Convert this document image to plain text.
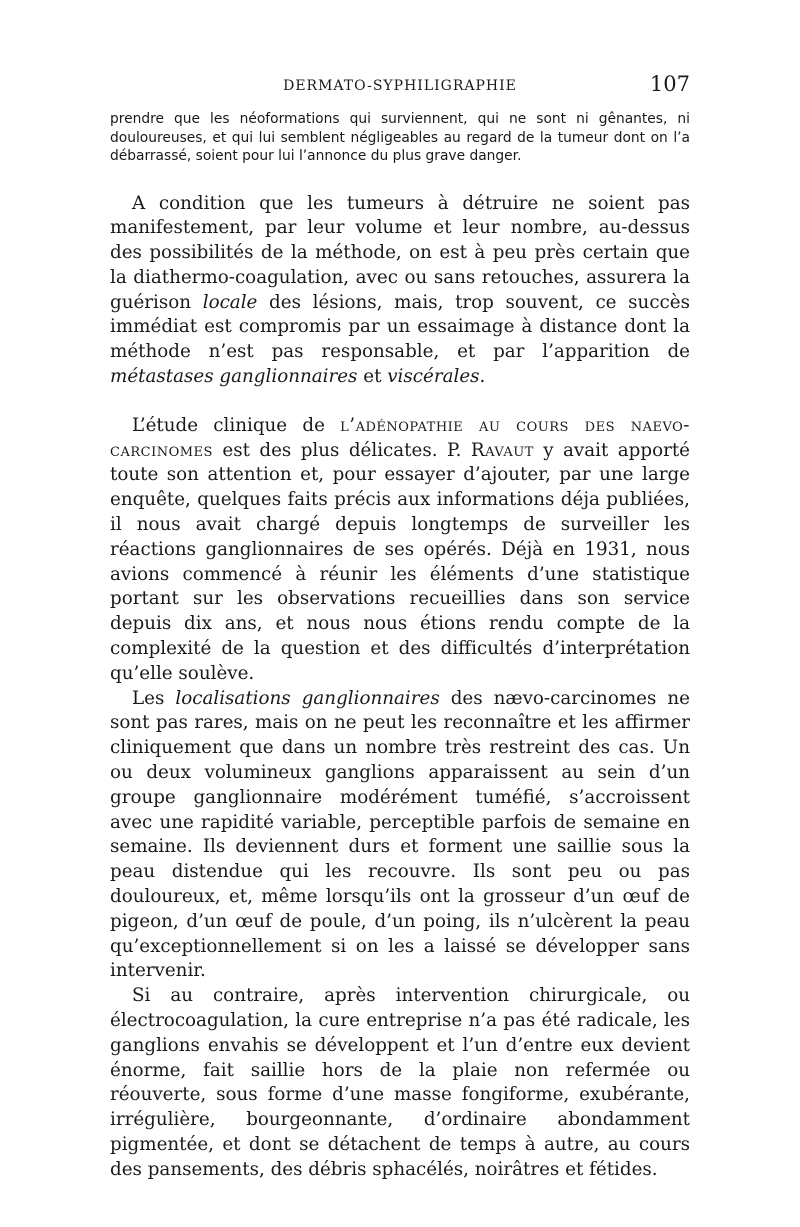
DERMATO-SYPHILIGRAPHIE	107

prendre que les néoformations qui surviennent, qui ne sont ni gênantes, ni douloureuses, et qui lui semblent négligeables au regard de la tumeur dont on l’a débarrassé, soient pour lui l’annonce du plus grave danger.

A condition que les tumeurs à détruire ne soient pas manifestement, par leur volume et leur nombre, au-dessus des possibilités de la méthode, on est à peu près certain que la diathermo-coagulation, avec ou sans retouches, assurera la guérison locale des lésions, mais, trop souvent, ce succès immédiat est compromis par un essaimage à distance dont la méthode n’est pas responsable, et par l’apparition de métastases ganglionnaires et viscérales.

L’étude clinique de l’adénopathie au cours des naevo-carcinomes est des plus délicates. P. Ravaut y avait apporté toute son attention et, pour essayer d’ajouter, par une large enquête, quelques faits précis aux informations déja publiées, il nous avait chargé depuis longtemps de surveiller les réactions ganglionnaires de ses opérés. Déjà en 1931, nous avions commencé à réunir les éléments d’une statistique portant sur les observations recueillies dans son service depuis dix ans, et nous nous étions rendu compte de la complexité de la question et des difficultés d’interprétation qu’elle soulève.

Les localisations ganglionnaires des nævo-carcinomes ne sont pas rares, mais on ne peut les reconnaître et les affirmer cliniquement que dans un nombre très restreint des cas. Un ou deux volumineux ganglions apparaissent au sein d’un groupe ganglionnaire modérément tuméfié, s’accroissent avec une rapidité variable, perceptible parfois de semaine en semaine. Ils deviennent durs et forment une saillie sous la peau distendue qui les recouvre. Ils sont peu ou pas douloureux, et, même lorsqu’ils ont la grosseur d’un œuf de pigeon, d’un œuf de poule, d’un poing, ils n’ulcèrent la peau qu’exceptionnellement si on les a laissé se développer sans intervenir.

Si au contraire, après intervention chirurgicale, ou électrocoagulation, la cure entreprise n’a pas été radicale, les ganglions envahis se développent et l’un d’entre eux devient énorme, fait saillie hors de la plaie non refermée ou réouverte, sous forme d’une masse fongiforme, exubérante, irrégulière, bourgeonnante, d’ordinaire abondamment pigmentée, et dont se détachent de temps à autre, au cours des pansements, des débris sphacélés, noirâtres et fétides.
